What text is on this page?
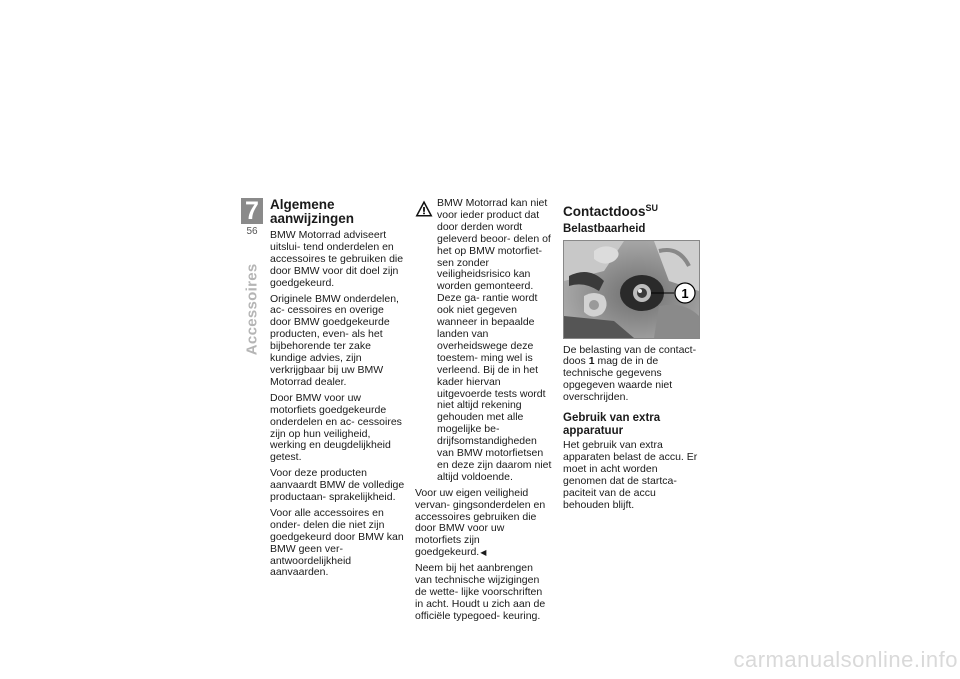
7
56
Accessoires
Algemene
aanwijzingen

BMW Motorrad adviseert uitslui- tend onderdelen en accessoires te gebruiken die door BMW voor dit doel zijn goedgekeurd.

Originele BMW onderdelen, ac- cessoires en overige door BMW goedgekeurde producten, even- als het bijbehorende ter zake kundige advies, zijn verkrijgbaar bij uw BMW Motorrad dealer.

Door BMW voor uw motorfiets goedgekeurde onderdelen en ac- cessoires zijn op hun veiligheid, werking en deugdelijkheid getest.

Voor deze producten aanvaardt BMW de volledige productaan- sprakelijkheid.

Voor alle accessoires en onder- delen die niet zijn goedgekeurd door BMW kan BMW geen ver- antwoordelijkheid aanvaarden.

BMW Motorrad kan niet voor ieder product dat door derden wordt geleverd beoor- delen of het op BMW motorfiet- sen zonder veiligheidsrisico kan worden gemonteerd. Deze ga- rantie wordt ook niet gegeven wanneer in bepaalde landen van overheidswege deze toestem- ming wel is verleend. Bij de in het kader hiervan uitgevoerde tests wordt niet altijd rekening gehouden met alle mogelijke be- drijfsomstandigheden van BMW motorfietsen en deze zijn daarom niet altijd voldoende.

Voor uw eigen veiligheid vervan- gingsonderdelen en accessoires gebruiken die door BMW voor uw motorfiets zijn goedgekeurd.◀

Neem bij het aanbrengen van technische wijzigingen de wette- lijke voorschriften in acht. Houdt u zich aan de officiële typegoed- keuring.

Contactdoos$^{SU}$
Belastbaarheid
1

De belasting van de contact- doos 1 mag de in de technische gegevens opgegeven waarde niet overschrijden.

Gebruik van extra
apparatuur

Het gebruik van extra apparaten belast de accu. Er moet in acht worden genomen dat de startca- paciteit van de accu behouden blijft.

carmanualsonline.info
